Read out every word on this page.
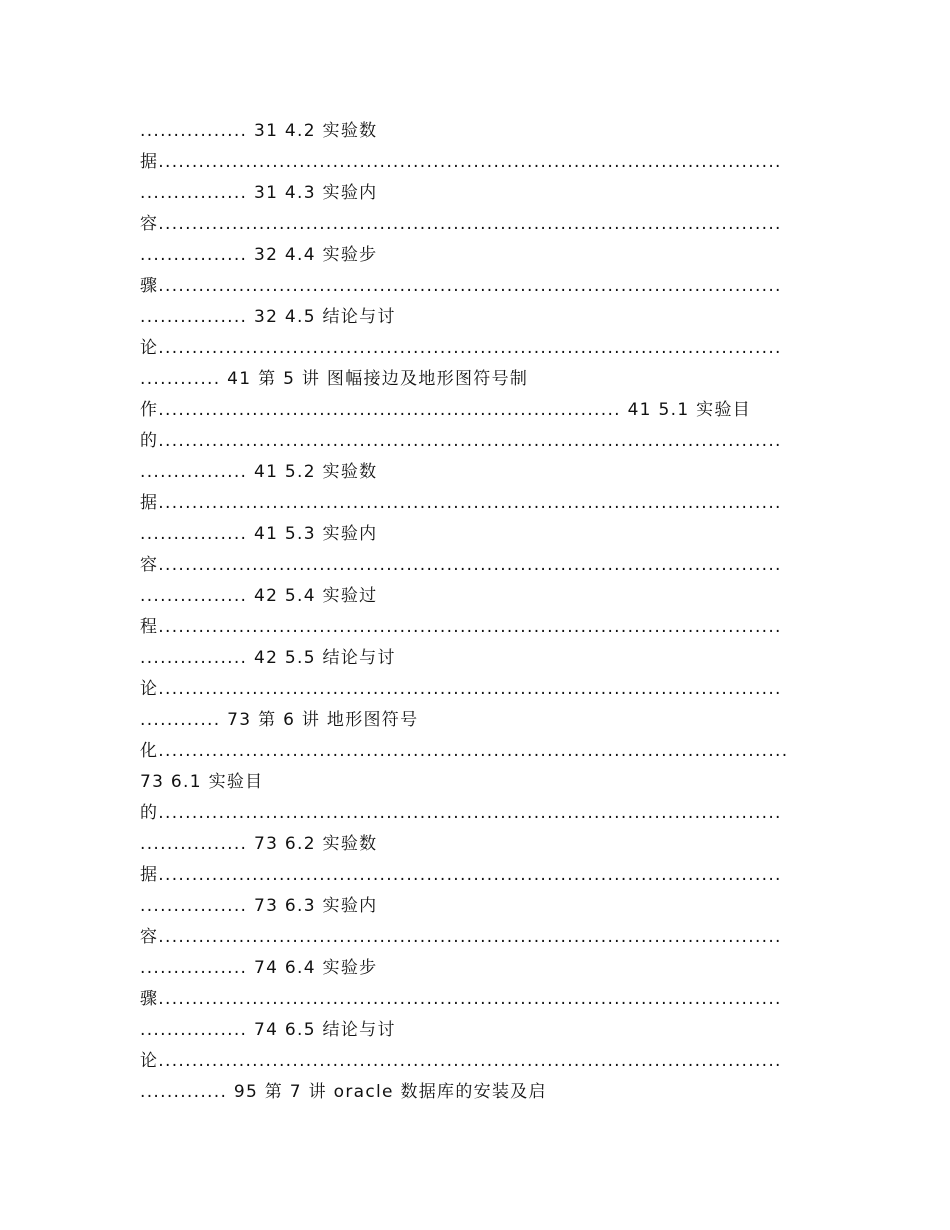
................ 31 4.2 实验数
据.............................................................................................
................ 31 4.3 实验内
容.............................................................................................
................ 32 4.4 实验步
骤.............................................................................................
................ 32 4.5 结论与讨
论.............................................................................................
............ 41 第 5 讲 图幅接边及地形图符号制
作..................................................................... 41 5.1 实验目
的.............................................................................................
................ 41 5.2 实验数
据.............................................................................................
................ 41 5.3 实验内
容.............................................................................................
................ 42 5.4 实验过
程.............................................................................................
................ 42 5.5 结论与讨
论.............................................................................................
............ 73 第 6 讲 地形图符号
化..............................................................................................
73 6.1 实验目
的.............................................................................................
................ 73 6.2 实验数
据.............................................................................................
................ 73 6.3 实验内
容.............................................................................................
................ 74 6.4 实验步
骤.............................................................................................
................ 74 6.5 结论与讨
论.............................................................................................
............. 95 第 7 讲 oracle 数据库的安装及启
